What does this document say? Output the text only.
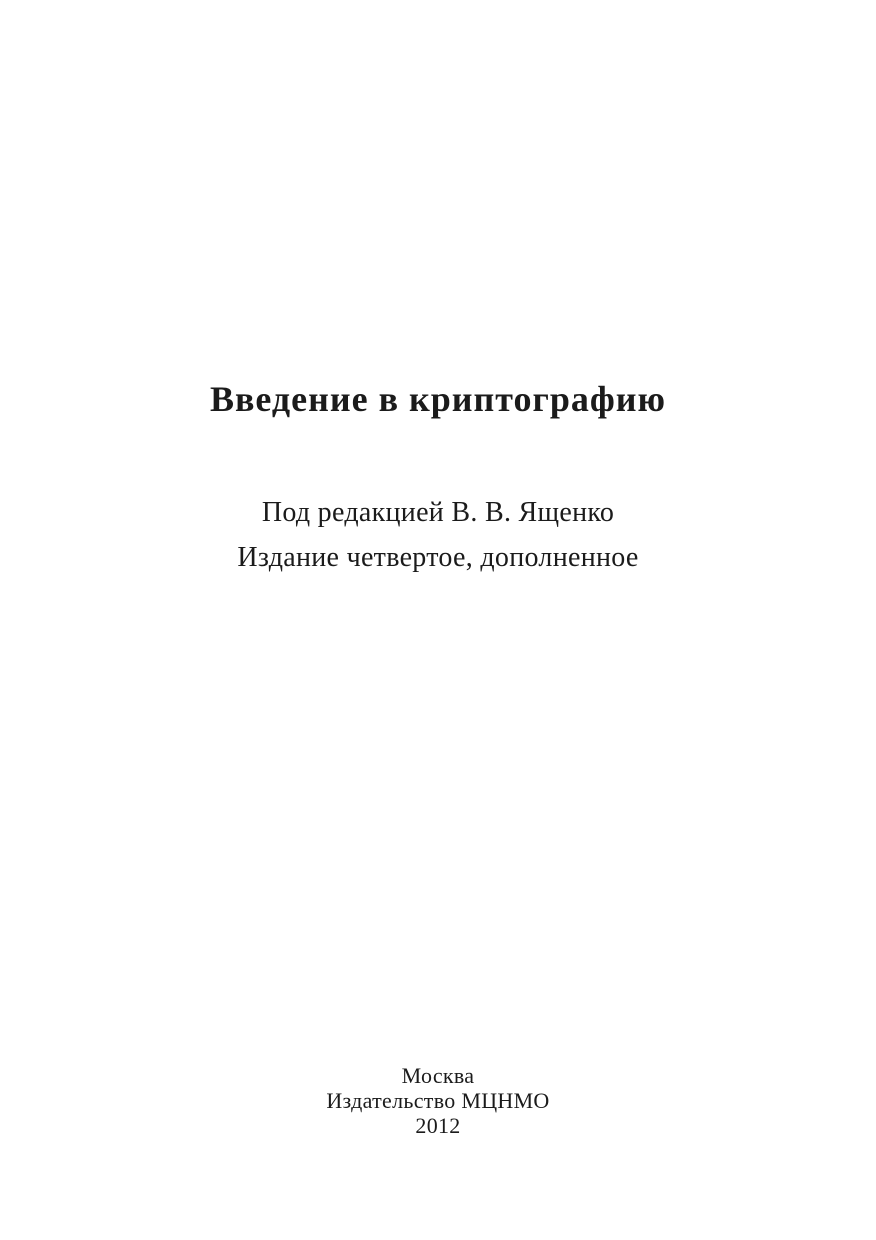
Введение в криптографию
Под редакцией В. В. Ященко
Издание четвертое, дополненное
Москва
Издательство МЦНМО
2012
